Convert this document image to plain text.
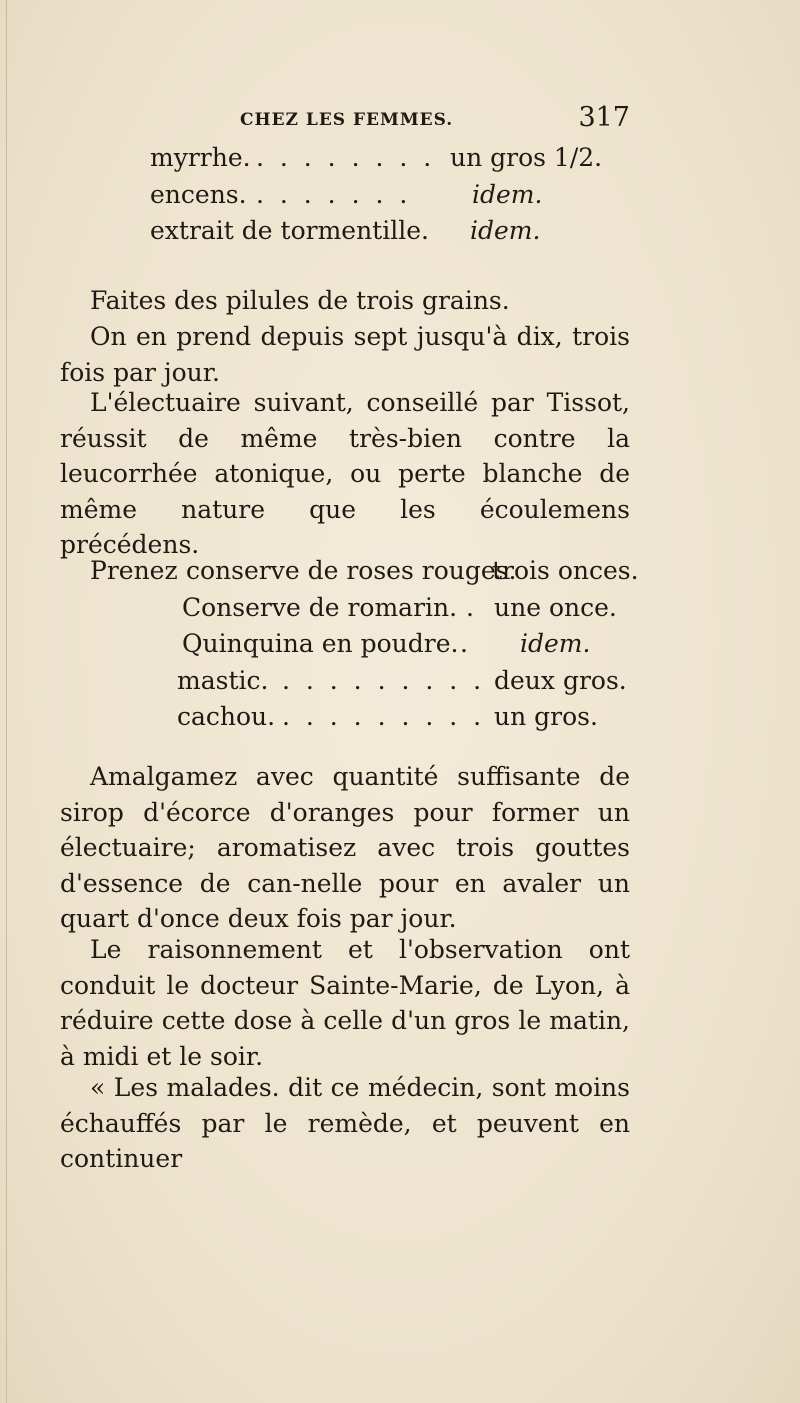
CHEZ LES FEMMES.	317
myrrhe. . . . . . . . . un gros 1/2.
encens. . . . . . . . idem.
extrait de tormentille. idem.
Faites des pilules de trois grains.
On en prend depuis sept jusqu'à dix, trois fois par jour.
L'électuaire suivant, conseillé par Tissot, réussit de même très-bien contre la leucorrhée atonique, ou perte blanche de même nature que les écoulemens précédens.
Prenez conserve de roses rouges.
trois onces.
Conserve de romarin. . une once.
Quinquina en poudre. . idem.
mastic. . . . . . . . . . deux gros.
cachou. . . . . . . . . . un gros.
Amalgamez avec quantité suffisante de sirop d'écorce d'oranges pour former un électuaire; aromatisez avec trois gouttes d'essence de can-nelle pour en avaler un quart d'once deux fois par jour.
Le raisonnement et l'observation ont conduit le docteur Sainte-Marie, de Lyon, à réduire cette dose à celle d'un gros le matin, à midi et le soir.
« Les malades. dit ce médecin, sont moins échauffés par le remède, et peuvent en continuer
